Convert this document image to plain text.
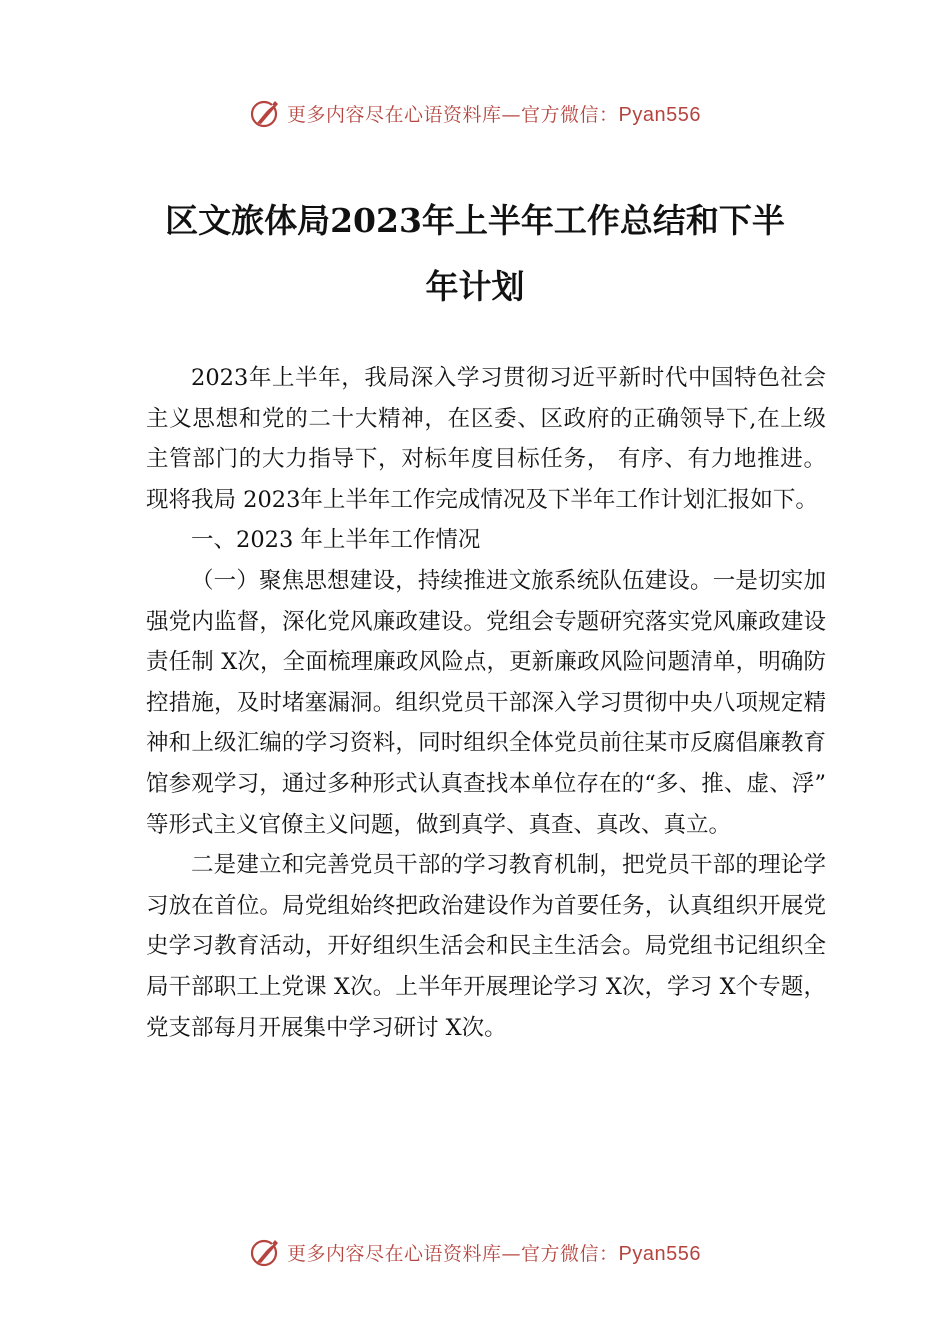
更多内容尽在心语资料库—官方微信：Pyan556
区文旅体局2023年上半年工作总结和下半
年计划

2023年上半年，我局深入学习贯彻习近平新时代中国特色社会主义思想和党的二十大精神，在区委、区政府的正确领导下,在上级主管部门的大力指导下，对标年度目标任务， 有序、有力地推进。现将我局 2023年上半年工作完成情况及下半年工作计划汇报如下。

一、2023 年上半年工作情况

（一）聚焦思想建设，持续推进文旅系统队伍建设。一是切实加强党内监督，深化党风廉政建设。党组会专题研究落实党风廉政建设责任制 X次，全面梳理廉政风险点，更新廉政风险问题清单，明确防控措施，及时堵塞漏洞。组织党员干部深入学习贯彻中央八项规定精神和上级汇编的学习资料，同时组织全体党员前往某市反腐倡廉教育馆参观学习，通过多种形式认真查找本单位存在的“多、推、虚、浮” 等形式主义官僚主义问题，做到真学、真查、真改、真立。

二是建立和完善党员干部的学习教育机制，把党员干部的理论学习放在首位。局党组始终把政治建设作为首要任务，认真组织开展党史学习教育活动，开好组织生活会和民主生活会。局党组书记组织全局干部职工上党课 X次。上半年开展理论学习 X次，学习 X个专题，党支部每月开展集中学习研讨 X次。

更多内容尽在心语资料库—官方微信：Pyan556
